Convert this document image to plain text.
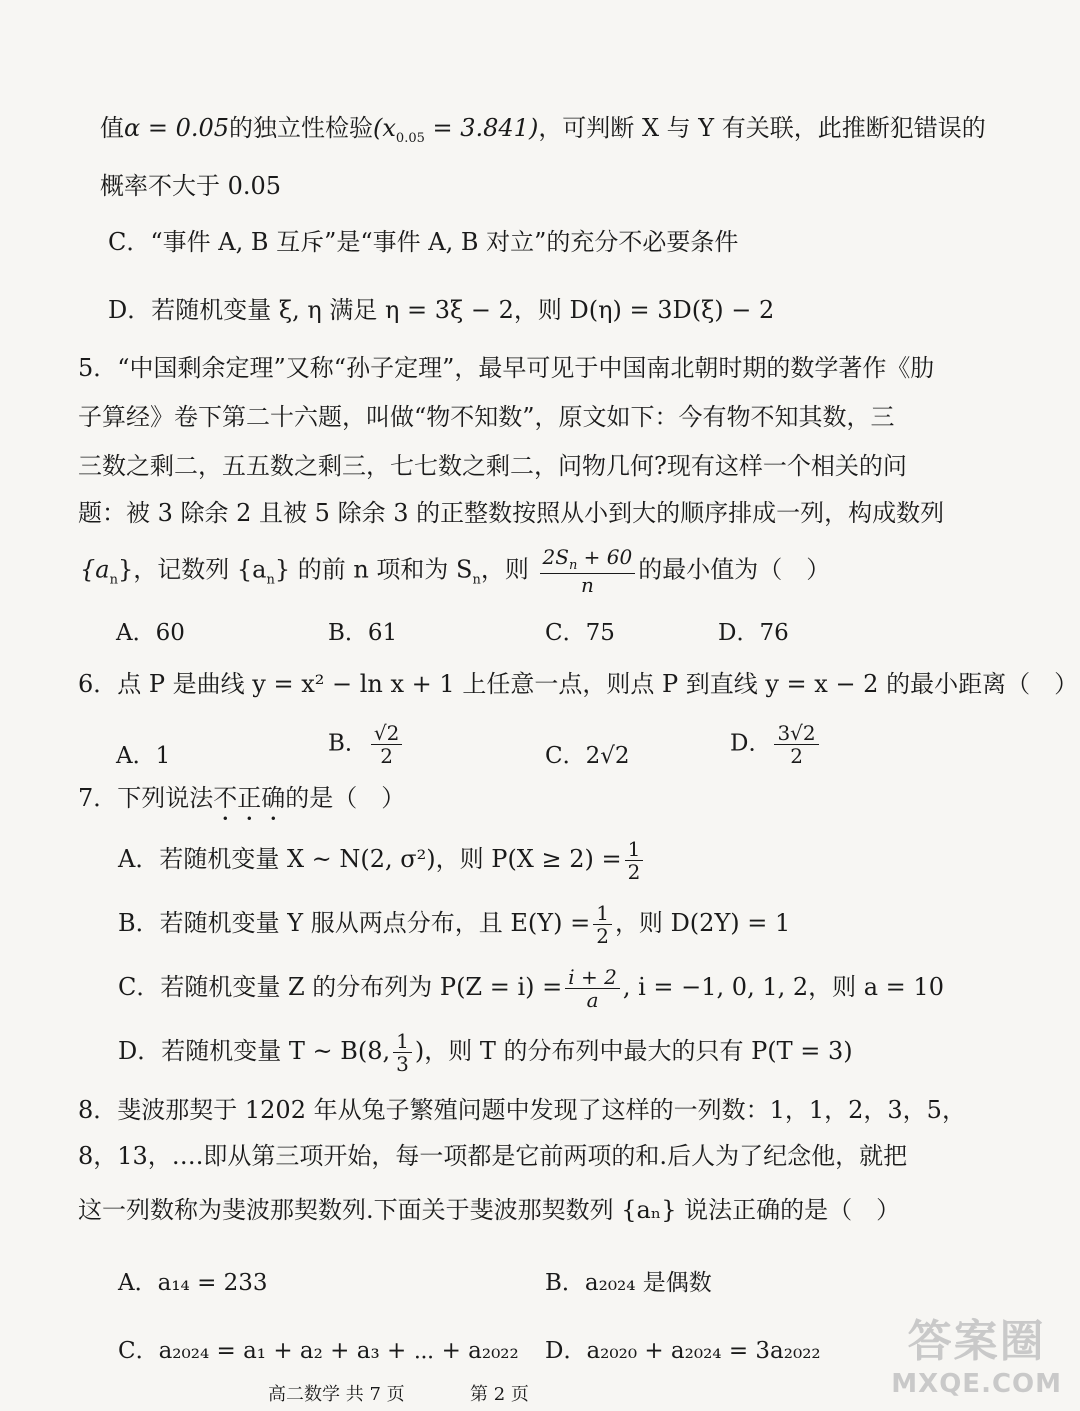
值α = 0.05的独立性检验$(x_{0.05} = 3.841)$，可判断 X 与 Y 有关联，此推断犯错误的
概率不大于 0.05
C．“事件 A, B 互斥”是“事件 A, B 对立”的充分不必要条件
D．若随机变量 ξ, η 满足 η = 3ξ − 2，则 D(η) = 3D(ξ) − 2
5．“中国剩余定理”又称“孙子定理”，最早可见于中国南北朝时期的数学著作《肋
子算经》卷下第二十六题，叫做“物不知数”，原文如下：今有物不知其数，三
三数之剩二，五五数之剩三，七七数之剩二，问物几何?现有这样一个相关的问
题：被 3 除余 2 且被 5 除余 3 的正整数按照从小到大的顺序排成一列，构成数列
$\{a_n\}$，记数列 $\{a_n\}$ 的前 n 项和为 $S_n$，则 $\frac{2S_n + 60}{n}$ 的最小值为（　）
A．60	B．61	C．75	D．76
6．点 P 是曲线 y = x² − ln x + 1 上任意一点，则点 P 到直线 y = x − 2 的最小距离（　）
A．1	B． $\frac{√2}{2}$	C．2√2	D． $\frac{3√2}{2}$
7．下列说法不正确的是（　）
A．若随机变量 X ~ N(2, σ²)，则 $P(X \ge 2) = \frac{1}{2}$
B．若随机变量 Y 服从两点分布，且 $E(Y) = \frac{1}{2}$ ，则 D(2Y) = 1
C．若随机变量 Z 的分布列为 $P(Z = i) = \frac{i + 2}{a}$ , i = −1, 0, 1, 2，则 a = 10
D．若随机变量 T ~ B(8, $\frac{1}{3}$ )，则 T 的分布列中最大的只有 P(T = 3)
8．斐波那契于 1202 年从兔子繁殖问题中发现了这样的一列数：1，1，2，3，5，
8，13，….即从第三项开始，每一项都是它前两项的和.后人为了纪念他，就把
这一列数称为斐波那契数列.下面关于斐波那契数列 {aₙ} 说法正确的是（　）
A．a₁₄ = 233	B．a₂₀₂₄ 是偶数
C．a₂₀₂₄ = a₁ + a₂ + a₃ + ⋯ + a₂₀₂₂ D．a₂₀₂₀ + a₂₀₂₄ = 3a₂₀₂₂
高二数学 共 7 页	第 2 页
答案圈
MXQE.COM
